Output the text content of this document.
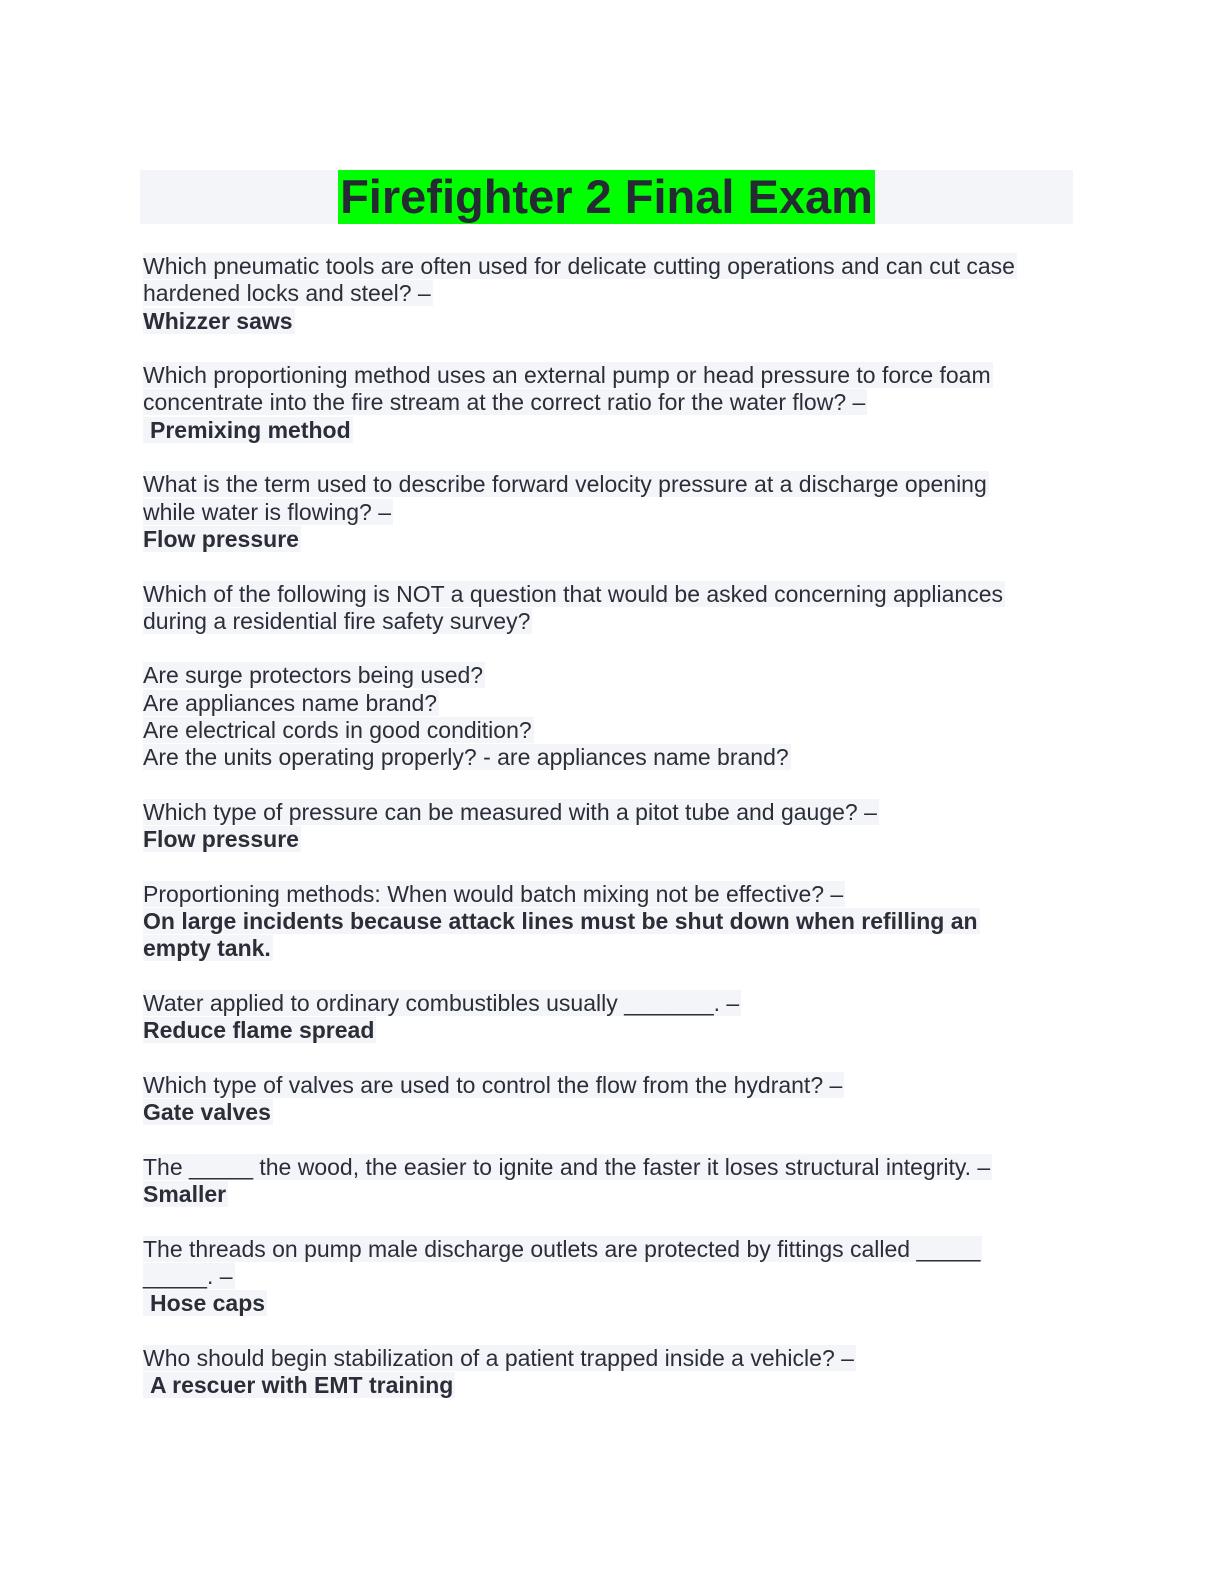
Firefighter 2 Final Exam
Which pneumatic tools are often used for delicate cutting operations and can cut case
hardened locks and steel? –
Whizzer saws
Which proportioning method uses an external pump or head pressure to force foam
concentrate into the fire stream at the correct ratio for the water flow? –
Premixing method
What is the term used to describe forward velocity pressure at a discharge opening
while water is flowing? –
Flow pressure
Which of the following is NOT a question that would be asked concerning appliances
during a residential fire safety survey?
Are surge protectors being used?
Are appliances name brand?
Are electrical cords in good condition?
Are the units operating properly? - are appliances name brand?
Which type of pressure can be measured with a pitot tube and gauge? –
Flow pressure
Proportioning methods: When would batch mixing not be effective? –
On large incidents because attack lines must be shut down when refilling an
empty tank.
Water applied to ordinary combustibles usually _______. –
Reduce flame spread
Which type of valves are used to control the flow from the hydrant? –
Gate valves
The _____ the wood, the easier to ignite and the faster it loses structural integrity. –
Smaller
The threads on pump male discharge outlets are protected by fittings called _____
_____. –
Hose caps
Who should begin stabilization of a patient trapped inside a vehicle? –
A rescuer with EMT training
